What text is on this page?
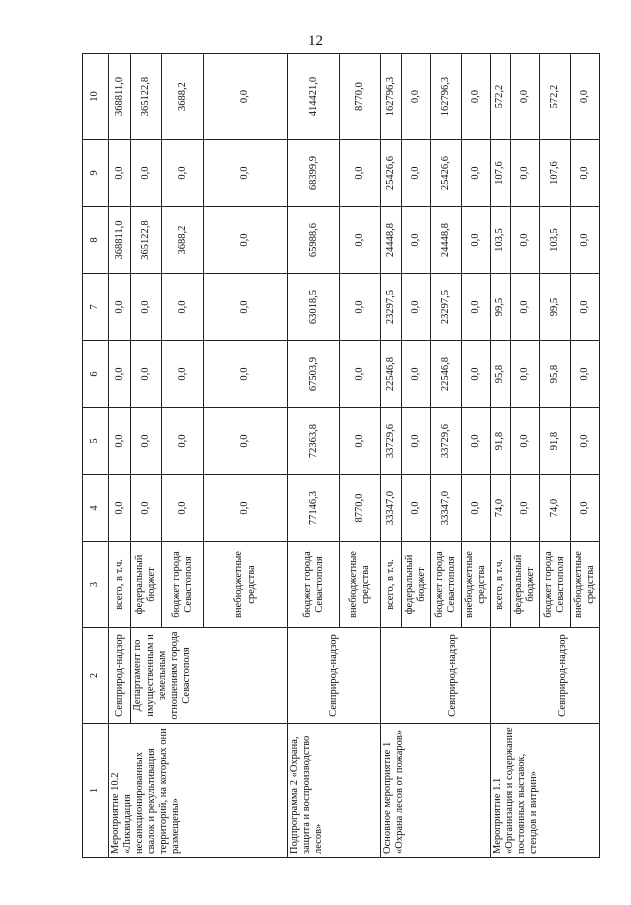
12
1	2	3	4	5	6	7	8	9	10
Мероприятие 10.2 «Ликвидация несанкционированных свалок и рекультивация территорий, на которых они размещены»	Севприрод-надзор	всего, в т.ч.	0,0	0,0	0,0	0,0	368811,0	0,0	368811,0
	Департамент по имущественным и земельным отношениям города Севастополя	федеральный бюджет	0,0	0,0	0,0	0,0	365122,8	0,0	365122,8
		бюджет города Севастополя	0,0	0,0	0,0	0,0	3688,2	0,0	3688,2
		внебюджетные средства	0,0	0,0	0,0	0,0	0,0	0,0	0,0
Подпрограмма 2 «Охрана, защита и воспроизводство лесов»	Севприрод-надзор	бюджет города Севастополя	77146,3	72363,8	67503,9	63018,5	65988,6	68399,9	414421,0
		внебюджетные средства	8770,0	0,0	0,0	0,0	0,0	0,0	8770,0
Основное мероприятие 1 «Охрана лесов от пожаров»	Севприрод-надзор	всего, в т.ч.	33347,0	33729,6	22546,8	23297,5	24448,8	25426,6	162796,3
		федеральный бюджет	0,0	0,0	0,0	0,0	0,0	0,0	0,0
		бюджет города Севастополя	33347,0	33729,6	22546,8	23297,5	24448,8	25426,6	162796,3
		внебюджетные средства	0,0	0,0	0,0	0,0	0,0	0,0	0,0
Мероприятие 1.1 «Организация и содержание постоянных выставок, стендов и витрин»	Севприрод-надзор	всего, в т.ч.	74,0	91,8	95,8	99,5	103,5	107,6	572,2
		федеральный бюджет	0,0	0,0	0,0	0,0	0,0	0,0	0,0
		бюджет города Севастополя	74,0	91,8	95,8	99,5	103,5	107,6	572,2
		внебюджетные средства	0,0	0,0	0,0	0,0	0,0	0,0	0,0
